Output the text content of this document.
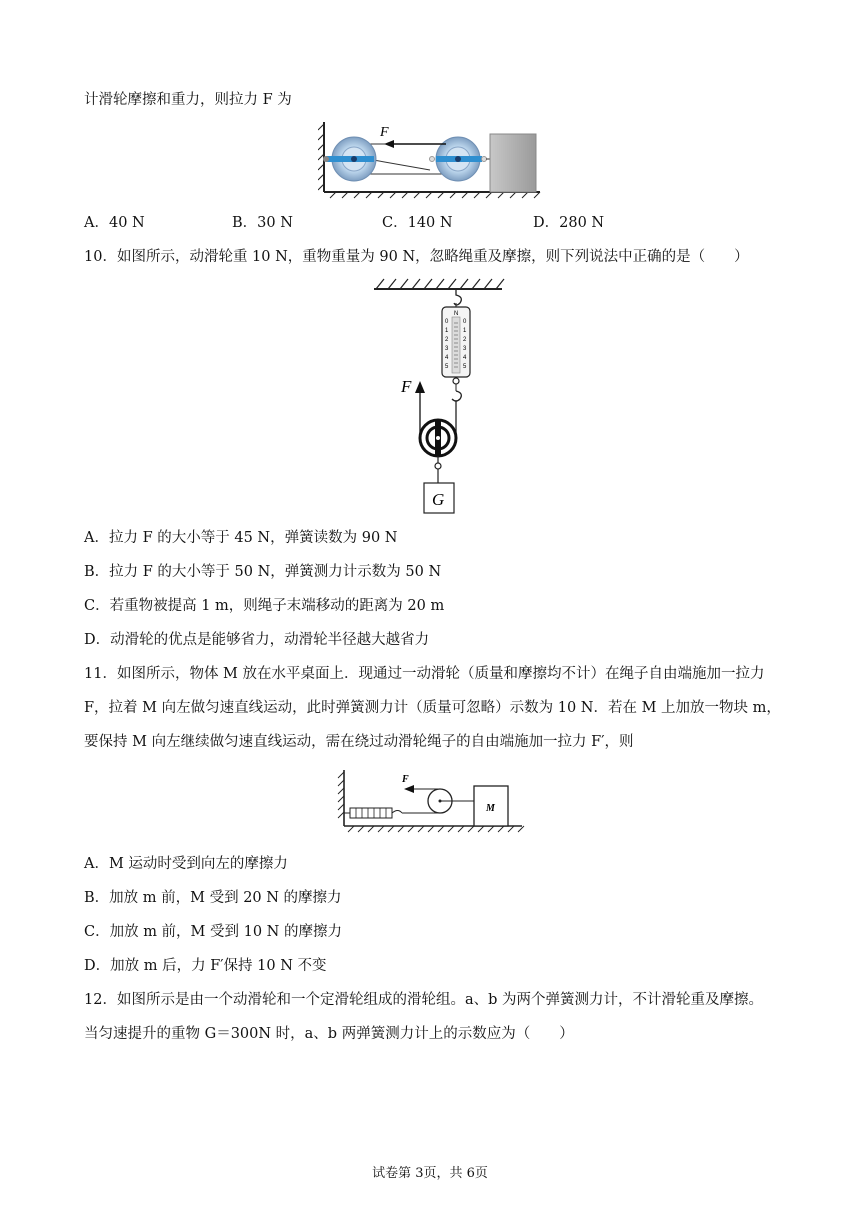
计滑轮摩擦和重力，则拉力 F 为
F
A．40 N	B．30 N	C．140 N	D．280 N
10．如图所示，动滑轮重 10 N，重物重量为 90 N，忽略绳重及摩擦，则下列说法中正确的是（　　）
N
0
1
2
3
4
5
0
1
2
3
4
5
F
G
A．拉力 F 的大小等于 45 N，弹簧读数为 90 N
B．拉力 F 的大小等于 50 N，弹簧测力计示数为 50 N
C．若重物被提高 1 m，则绳子末端移动的距离为 20 m
D．动滑轮的优点是能够省力，动滑轮半径越大越省力
11．如图所示，物体 M 放在水平桌面上．现通过一动滑轮（质量和摩擦均不计）在绳子自由端施加一拉力
F，拉着 M 向左做匀速直线运动，此时弹簧测力计（质量可忽略）示数为 10 N．若在 M 上加放一物块 m，
要保持 M 向左继续做匀速直线运动，需在绕过动滑轮绳子的自由端施加一拉力 F′，则
F
M
A．M 运动时受到向左的摩擦力
B．加放 m 前，M 受到 20 N 的摩擦力
C．加放 m 前，M 受到 10 N 的摩擦力
D．加放 m 后，力 F′保持 10 N 不变
12．如图所示是由一个动滑轮和一个定滑轮组成的滑轮组。a、b 为两个弹簧测力计，不计滑轮重及摩擦。
当匀速提升的重物 G＝300N 时，a、b 两弹簧测力计上的示数应为（　　）
试卷第 3页，共 6页
